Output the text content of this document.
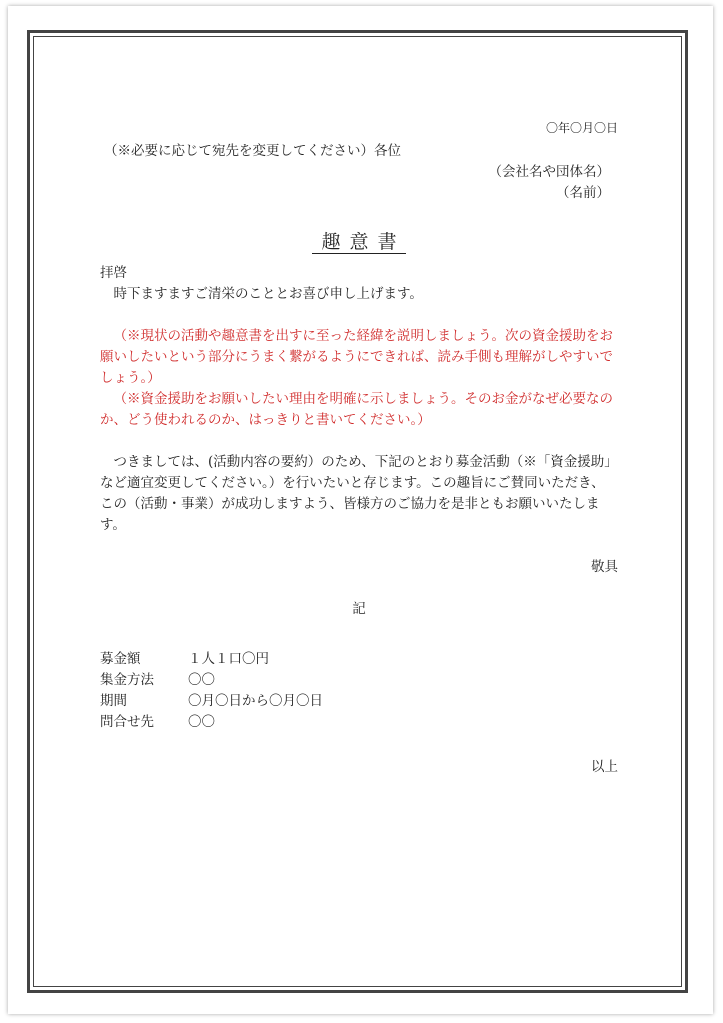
〇年〇月〇日
（※必要に応じて宛先を変更してください）各位
（会社名や団体名）
（名前）
趣意書
拝啓
時下ますますご清栄のこととお喜び申し上げます。
（※現状の活動や趣意書を出すに至った経緯を説明しましょう。次の資金援助をお願いしたいという部分にうまく繋がるようにできれば、読み手側も理解がしやすいでしょう。）
（※資金援助をお願いしたい理由を明確に示しましょう。そのお金がなぜ必要なのか、どう使われるのか、はっきりと書いてください。）
つきましては、(活動内容の要約）のため、下記のとおり募金活動（※「資金援助」など適宜変更してください。）を行いたいと存じます。この趣旨にご賛同いただき、この（活動・事業）が成功しますよう、皆様方のご協力を是非ともお願いいたします。
敬具
記
募金額	１人１口〇円
集金方法	〇〇
期間	〇月〇日から〇月〇日
問合せ先	〇〇
以上
